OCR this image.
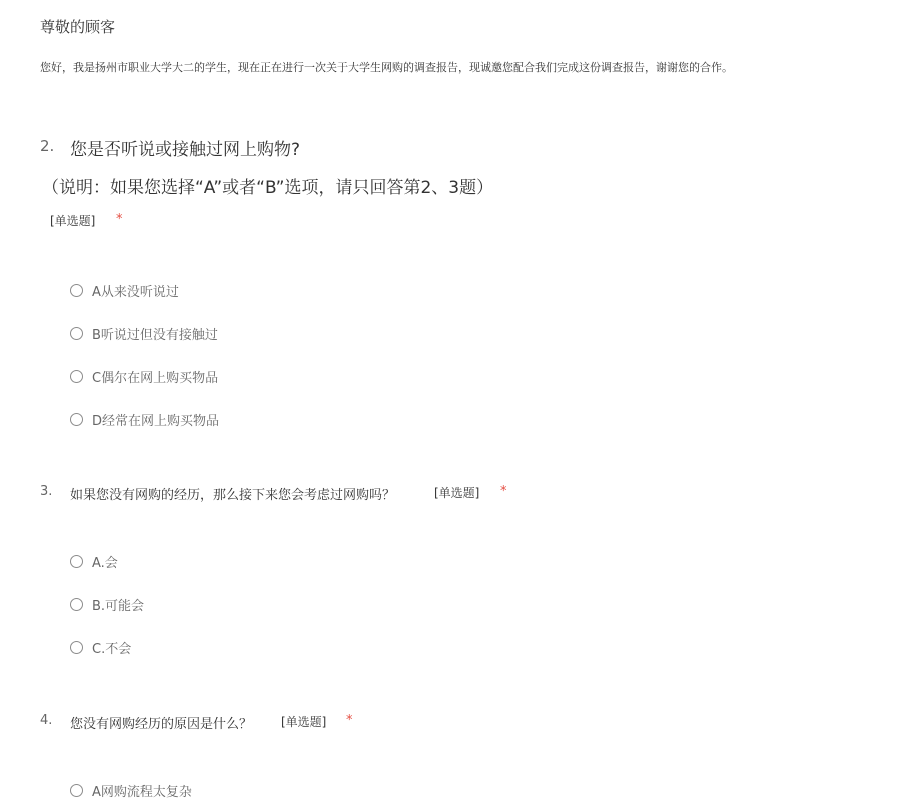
尊敬的顾客
您好，我是扬州市职业大学大二的学生，现在正在进行一次关于大学生网购的调查报告，现诚邀您配合我们完成这份调查报告，谢谢您的合作。
2. 您是否听说或接触过网上购物?
（说明：如果您选择“A”或者“B”选项，请只回答第2、3题）
[单选题] *
A从来没听说过
B听说过但没有接触过
C偶尔在网上购买物品
D经常在网上购买物品
3. 如果您没有网购的经历，那么接下来您会考虑过网购吗？	[单选题] *
A.会
B.可能会
C.不会
4. 您没有网购经历的原因是什么？ [单选题] *
A网购流程太复杂
